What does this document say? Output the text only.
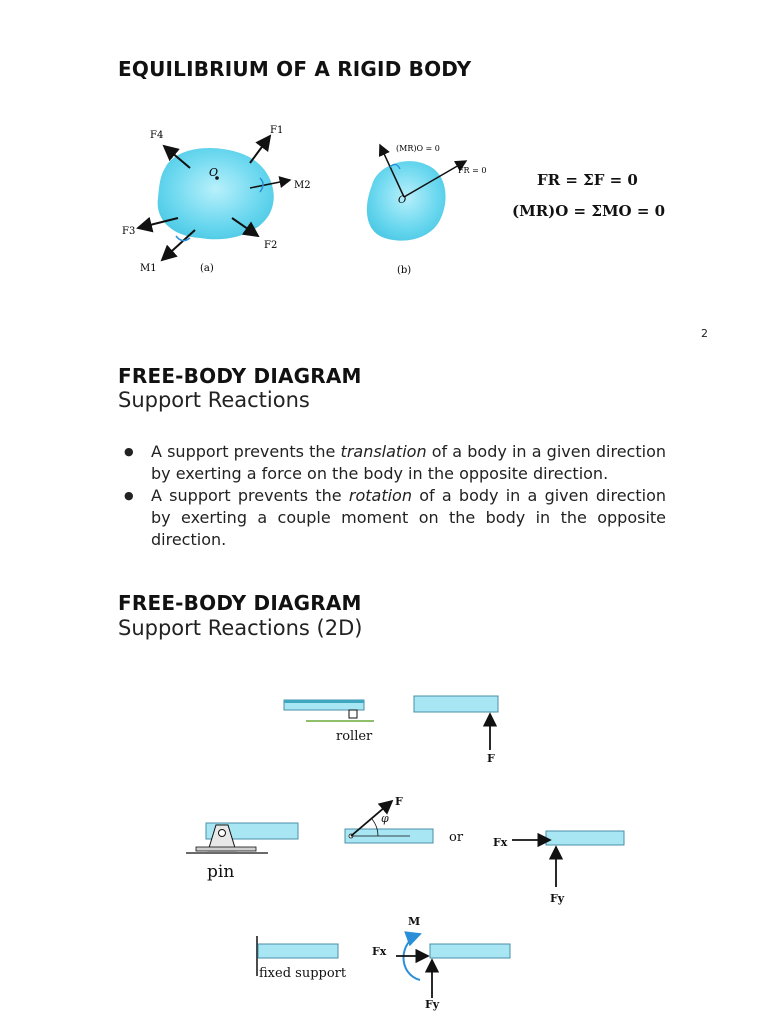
EQUILIBRIUM OF A RIGID BODY
F4	F1
M2
F3
F2
M1
O
(a)
(MR)O = 0
FR = 0
O
(b)
FR = ΣF = 0
(MR)O = ΣMO = 0
2
FREE-BODY DIAGRAM
Support Reactions
● A support prevents the translation of a body in a given direction by exerting a force on the body in the opposite direction.
● A support prevents the rotation of a body in a given direction by exerting a couple moment on the body in the opposite direction.
FREE-BODY DIAGRAM
Support Reactions (2D)
roller
F
F
φ
or	Fx
Fy
pin
M
Fx
Fy
fixed support
